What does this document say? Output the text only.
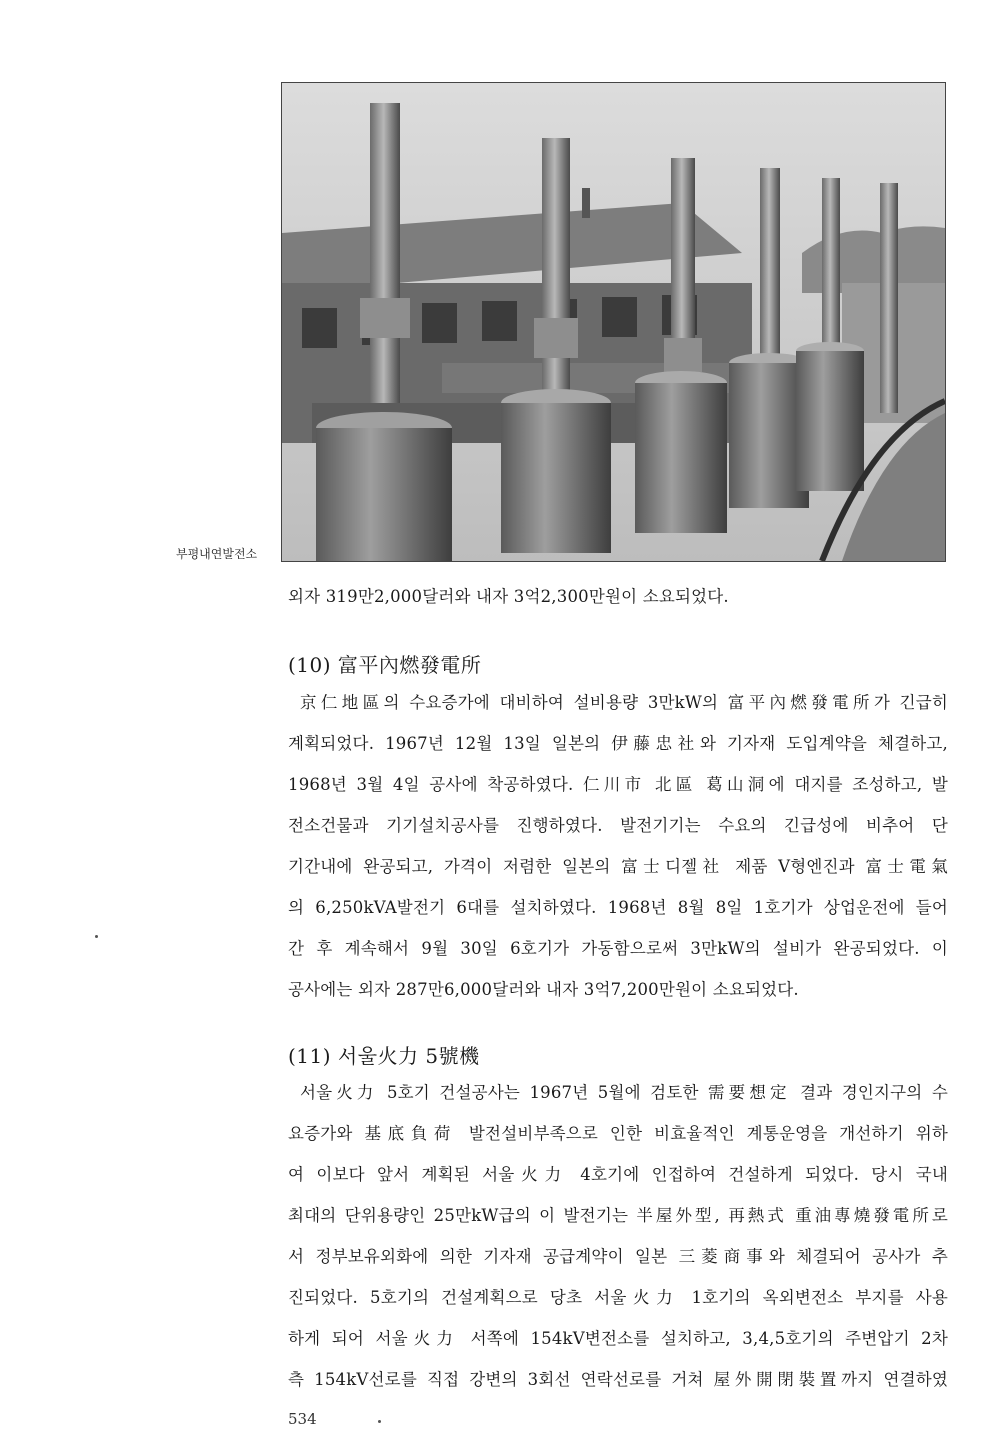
부평내연발전소
외자 319만2,000달러와 내자 3억2,300만원이 소요되었다.
(10) 富平內燃發電所
京仁地區의 수요증가에 대비하여 설비용량 3만kW의 富平內燃發電所가 긴급히
계획되었다. 1967년 12월 13일 일본의 伊藤忠社와 기자재 도입계약을 체결하고,
1968년 3월 4일 공사에 착공하였다. 仁川市 北區 葛山洞에 대지를 조성하고, 발
전소건물과 기기설치공사를 진행하였다. 발전기기는 수요의 긴급성에 비추어 단
기간내에 완공되고, 가격이 저렴한 일본의 富士디젤社 제품 V형엔진과 富士電氣
의 6,250kVA발전기 6대를 설치하였다. 1968년 8월 8일 1호기가 상업운전에 들어
간 후 계속해서 9월 30일 6호기가 가동함으로써 3만kW의 설비가 완공되었다. 이
공사에는 외자 287만6,000달러와 내자 3억7,200만원이 소요되었다.
(11) 서울火力 5號機
서울火力 5호기 건설공사는 1967년 5월에 검토한 需要想定 결과 경인지구의 수
요증가와 基底負荷 발전설비부족으로 인한 비효율적인 계통운영을 개선하기 위하
여 이보다 앞서 계획된 서울火力 4호기에 인접하여 건설하게 되었다. 당시 국내
최대의 단위용량인 25만kW급의 이 발전기는 半屋外型, 再熱式 重油專燒發電所로
서 정부보유외화에 의한 기자재 공급계약이 일본 三菱商事와 체결되어 공사가 추
진되었다. 5호기의 건설계획으로 당초 서울火力 1호기의 옥외변전소 부지를 사용
하게 되어 서울火力 서쪽에 154kV변전소를 설치하고, 3,4,5호기의 주변압기 2차
측 154kV선로를 직접 강변의 3회선 연락선로를 거쳐 屋外開閉裝置까지 연결하였
534
